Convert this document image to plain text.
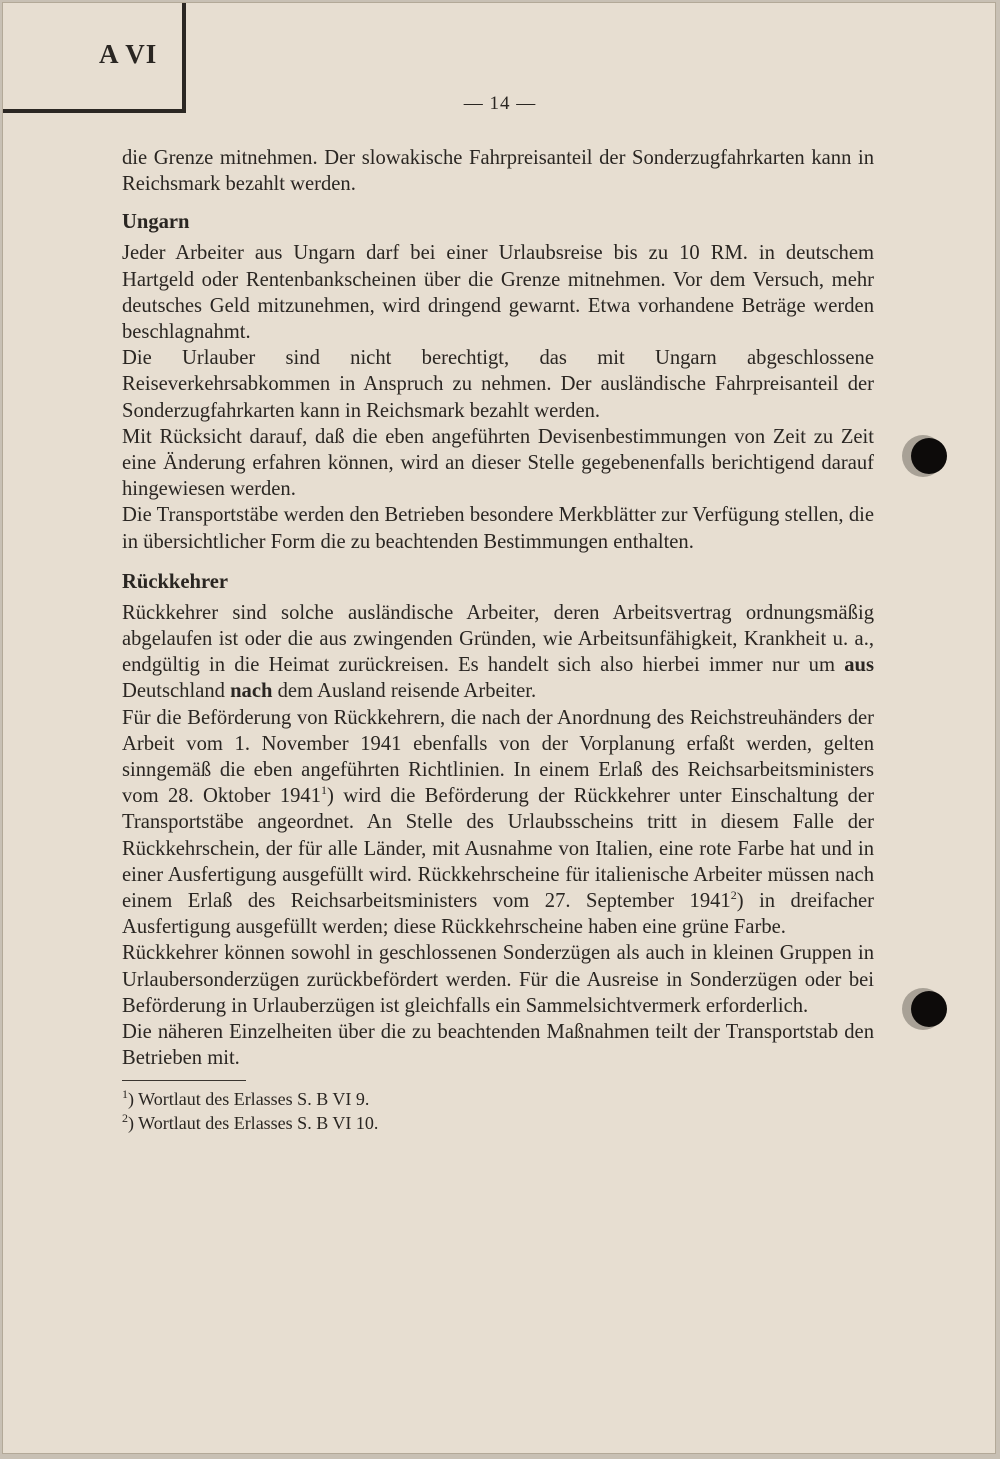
A VI
— 14 —

die Grenze mitnehmen. Der slowakische Fahrpreisanteil der Sonderzugfahrkarten kann in Reichsmark bezahlt werden.

Ungarn

Jeder Arbeiter aus Ungarn darf bei einer Urlaubsreise bis zu 10 RM. in deutschem Hartgeld oder Rentenbankscheinen über die Grenze mitnehmen. Vor dem Versuch, mehr deutsches Geld mitzunehmen, wird dringend gewarnt. Etwa vorhandene Beträge werden beschlagnahmt.

Die Urlauber sind nicht berechtigt, das mit Ungarn abgeschlossene Reiseverkehrsabkommen in Anspruch zu nehmen. Der ausländische Fahrpreisanteil der Sonderzugfahrkarten kann in Reichsmark bezahlt werden.

Mit Rücksicht darauf, daß die eben angeführten Devisenbestimmungen von Zeit zu Zeit eine Änderung erfahren können, wird an dieser Stelle gegebenenfalls berichtigend darauf hingewiesen werden.

Die Transportstäbe werden den Betrieben besondere Merkblätter zur Verfügung stellen, die in übersichtlicher Form die zu beachtenden Bestimmungen enthalten.

Rückkehrer

Rückkehrer sind solche ausländische Arbeiter, deren Arbeitsvertrag ordnungsmäßig abgelaufen ist oder die aus zwingenden Gründen, wie Arbeitsunfähigkeit, Krankheit u. a., endgültig in die Heimat zurückreisen. Es handelt sich also hierbei immer nur um aus Deutschland nach dem Ausland reisende Arbeiter.

Für die Beförderung von Rückkehrern, die nach der Anordnung des Reichstreuhänders der Arbeit vom 1. November 1941 ebenfalls von der Vorplanung erfaßt werden, gelten sinngemäß die eben angeführten Richtlinien. In einem Erlaß des Reichsarbeitsministers vom 28. Oktober 1941$^1$) wird die Beförderung der Rückkehrer unter Einschaltung der Transportstäbe angeordnet. An Stelle des Urlaubsscheins tritt in diesem Falle der Rückkehrschein, der für alle Länder, mit Ausnahme von Italien, eine rote Farbe hat und in einer Ausfertigung ausgefüllt wird. Rückkehrscheine für italienische Arbeiter müssen nach einem Erlaß des Reichsarbeitsministers vom 27. September 1941$^2$) in dreifacher Ausfertigung ausgefüllt werden; diese Rückkehrscheine haben eine grüne Farbe.

Rückkehrer können sowohl in geschlossenen Sonderzügen als auch in kleinen Gruppen in Urlaubersonderzügen zurückbefördert werden. Für die Ausreise in Sonderzügen oder bei Beförderung in Urlauberzügen ist gleichfalls ein Sammelsichtvermerk erforderlich.

Die näheren Einzelheiten über die zu beachtenden Maßnahmen teilt der Transportstab den Betrieben mit.

$^1$) Wortlaut des Erlasses S. B VI 9.
$^2$) Wortlaut des Erlasses S. B VI 10.
